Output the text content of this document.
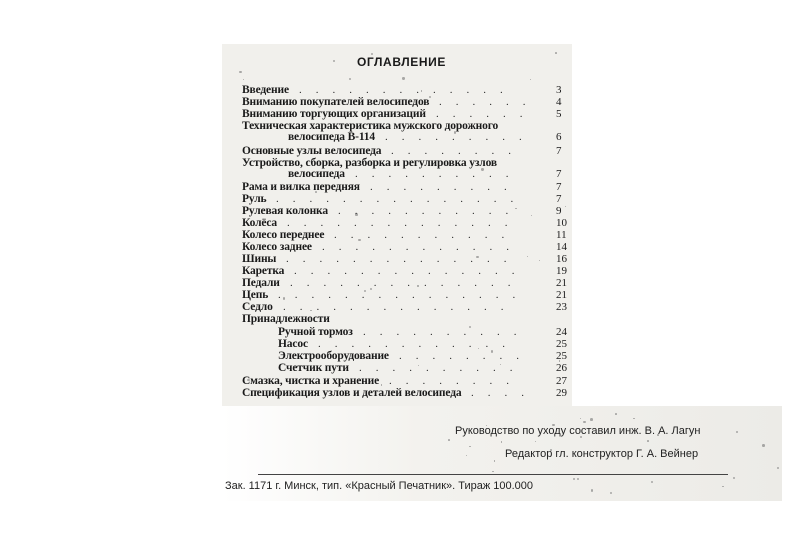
ОГЛАВЛЕНИЕ
Введение .............	3
Вниманию покупателей велосипедов ......	4
Вниманию торгующих организаций ......	5
Техническая характеристика мужского дорожного
велосипеда В-114 .........	6
Основные узлы велосипеда ........	7
Устройство, сборка, разборка и регулировка узлов
велосипеда ..........	7
Рама и вилка передняя .........	7
Руль ...............	7
Рулевая колонка ...........	9
Колёса ..............	10
Колесо переднее ...........	11
Колесо заднее ............	14
Шины ..............	16
Каретка ..............	19
Педали ..............	21
Цепь ...............	21
Седло ..............	23
Принадлежности
Ручной тормоз ..........	24
Насос ............	25
Электрооборудование ........	25
Счетчик пути ..........	26
Смазка, чистка и хранение ........	27
Спецификация узлов и деталей велосипеда ....	29
Руководство по уходу составил инж. В. А. Лагун
Редактор гл. конструктор Г. А. Вейнер
Зак. 1171 г. Минск, тип. «Красный Печатник». Тираж 100.000
